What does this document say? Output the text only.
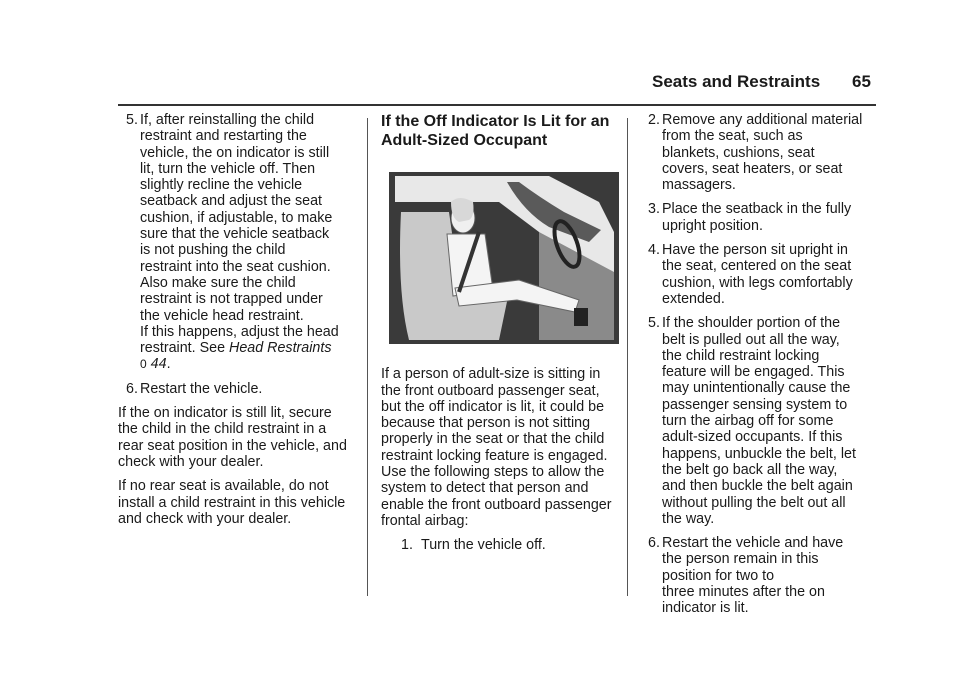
Seats and Restraints 65
5. If, after reinstalling the child
restraint and restarting the
vehicle, the on indicator is still
lit, turn the vehicle off. Then
slightly recline the vehicle
seatback and adjust the seat
cushion, if adjustable, to make
sure that the vehicle seatback
is not pushing the child
restraint into the seat cushion.
Also make sure the child
restraint is not trapped under
the vehicle head restraint.
If this happens, adjust the head
restraint. See Head Restraints
0 44.
6. Restart the vehicle.

If the on indicator is still lit, secure
the child in the child restraint in a
rear seat position in the vehicle, and
check with your dealer.

If no rear seat is available, do not
install a child restraint in this vehicle
and check with your dealer.

If the Off Indicator Is Lit for an
Adult-Sized Occupant

If a person of adult-size is sitting in
the front outboard passenger seat,
but the off indicator is lit, it could be
because that person is not sitting
properly in the seat or that the child
restraint locking feature is engaged.
Use the following steps to allow the
system to detect that person and
enable the front outboard passenger
frontal airbag:

1. Turn the vehicle off.
2. Remove any additional material
from the seat, such as
blankets, cushions, seat
covers, seat heaters, or seat
massagers.
3. Place the seatback in the fully
upright position.
4. Have the person sit upright in
the seat, centered on the seat
cushion, with legs comfortably
extended.
5. If the shoulder portion of the
belt is pulled out all the way,
the child restraint locking
feature will be engaged. This
may unintentionally cause the
passenger sensing system to
turn the airbag off for some
adult-sized occupants. If this
happens, unbuckle the belt, let
the belt go back all the way,
and then buckle the belt again
without pulling the belt out all
the way.
6. Restart the vehicle and have
the person remain in this
position for two to
three minutes after the on
indicator is lit.
